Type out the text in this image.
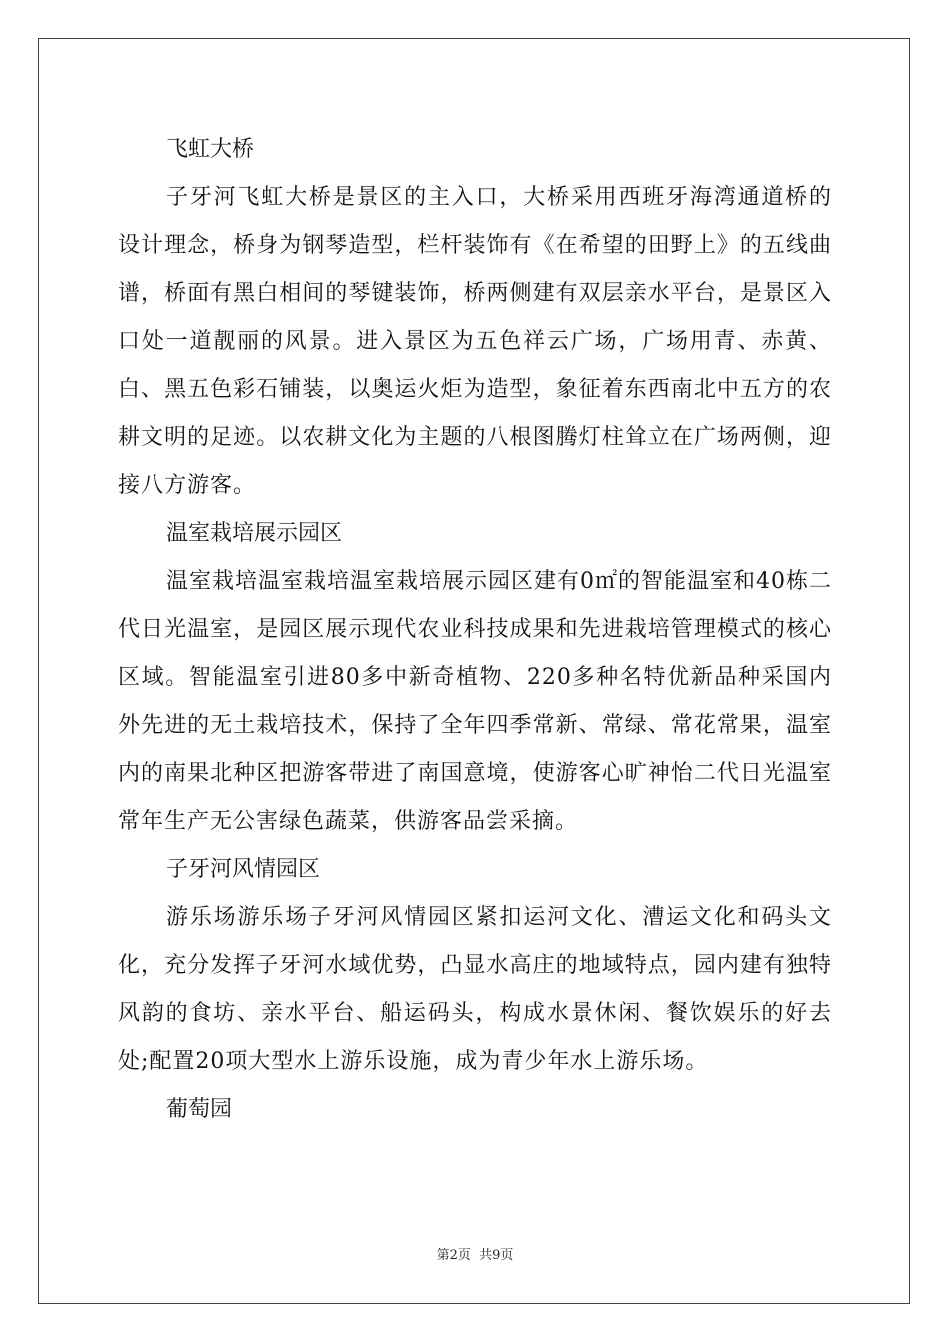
飞虹大桥

子牙河飞虹大桥是景区的主入口，大桥采用西班牙海湾通道桥的设计理念，桥身为钢琴造型，栏杆装饰有《在希望的田野上》的五线曲谱，桥面有黑白相间的琴键装饰，桥两侧建有双层亲水平台，是景区入口处一道靓丽的风景。进入景区为五色祥云广场，广场用青、赤黄、白、黑五色彩石铺装，以奥运火炬为造型，象征着东西南北中五方的农耕文明的足迹。以农耕文化为主题的八根图腾灯柱耸立在广场两侧，迎接八方游客。

温室栽培展示园区

温室栽培温室栽培温室栽培展示园区建有0㎡的智能温室和40栋二代日光温室，是园区展示现代农业科技成果和先进栽培管理模式的核心区域。智能温室引进80多中新奇植物、220多种名特优新品种采国内外先进的无土栽培技术，保持了全年四季常新、常绿、常花常果，温室内的南果北种区把游客带进了南国意境，使游客心旷神怡二代日光温室常年生产无公害绿色蔬菜，供游客品尝采摘。

子牙河风情园区

游乐场游乐场子牙河风情园区紧扣运河文化、漕运文化和码头文化，充分发挥子牙河水域优势，凸显水高庄的地域特点，园内建有独特风韵的食坊、亲水平台、船运码头，构成水景休闲、餐饮娱乐的好去处;配置20项大型水上游乐设施，成为青少年水上游乐场。

葡萄园
第2页 共9页
